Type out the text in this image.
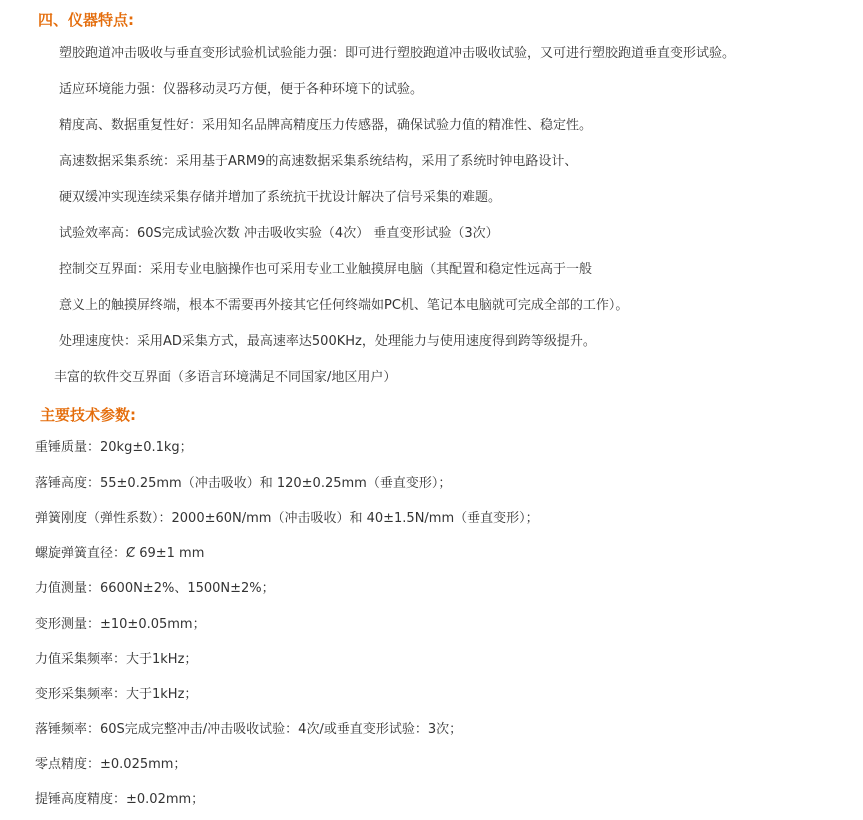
四、仪器特点:

塑胶跑道冲击吸收与垂直变形试验机试验能力强：即可进行塑胶跑道冲击吸收试验，又可进行塑胶跑道垂直变形试验。

适应环境能力强：仪器移动灵巧方便，便于各种环境下的试验。

精度高、数据重复性好：采用知名品牌高精度压力传感器，确保试验力值的精准性、稳定性。

高速数据采集系统：采用基于ARM9的高速数据采集系统结构，采用了系统时钟电路设计、

硬双缓冲实现连续采集存储并增加了系统抗干扰设计解决了信号采集的难题。

试验效率高：60S完成试验次数 冲击吸收实验（4次） 垂直变形试验（3次）

控制交互界面：采用专业电脑操作也可采用专业工业触摸屏电脑（其配置和稳定性远高于一般

意义上的触摸屏终端，根本不需要再外接其它任何终端如PC机、笔记本电脑就可完成全部的工作）。

处理速度快：采用AD采集方式，最高速率达500KHz，处理能力与使用速度得到跨等级提升。

丰富的软件交互界面（多语言环境满足不同国家/地区用户）

主要技术参数:

重锤质量：20kg±0.1kg；

落锤高度：55±0.25mm（冲击吸收）和 120±0.25mm（垂直变形）；

弹簧刚度（弹性系数）：2000±60N/mm（冲击吸收）和 40±1.5N/mm（垂直变形）；

螺旋弹簧直径：Ȼ 69±1 mm

力值测量：6600N±2%、1500N±2%；

变形测量：±10±0.05mm；

力值采集频率：大于1kHz；

变形采集频率：大于1kHz；

落锤频率：60S完成完整冲击/冲击吸收试验：4次/或垂直变形试验：3次；

零点精度：±0.025mm；

提锤高度精度：±0.02mm；
